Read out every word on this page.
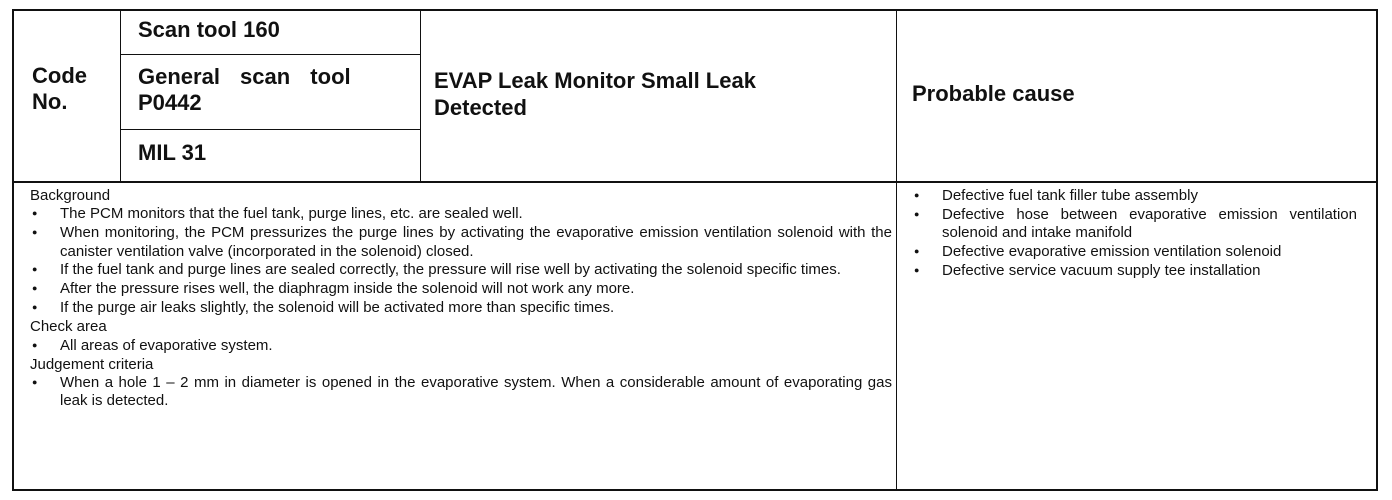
Code
No.
Scan tool 160
General scan tool
P0442
MIL 31
EVAP Leak Monitor Small Leak
Detected
Probable cause

Background

●
The PCM monitors that the fuel tank, purge lines, etc. are sealed well.
●
When monitoring, the PCM pressurizes the purge lines by activating the evaporative emission ventilation solenoid with the canister ventilation valve (incorporated in the solenoid) closed.
●
If the fuel tank and purge lines are sealed correctly, the pressure will rise well by activating the solenoid specific times.
●
After the pressure rises well, the diaphragm inside the solenoid will not work any more.
●
If the purge air leaks slightly, the solenoid will be activated more than specific times.

Check area

●
All areas of evaporative system.

Judgement criteria

●
When a hole 1 – 2 mm in diameter is opened in the evaporative system. When a considerable amount of evaporating gas leak is detected.
●
Defective fuel tank filler tube assembly
●
Defective hose between evaporative emission ventilation solenoid and intake manifold
●
Defective evaporative emission ventilation solenoid
●
Defective service vacuum supply tee installation
